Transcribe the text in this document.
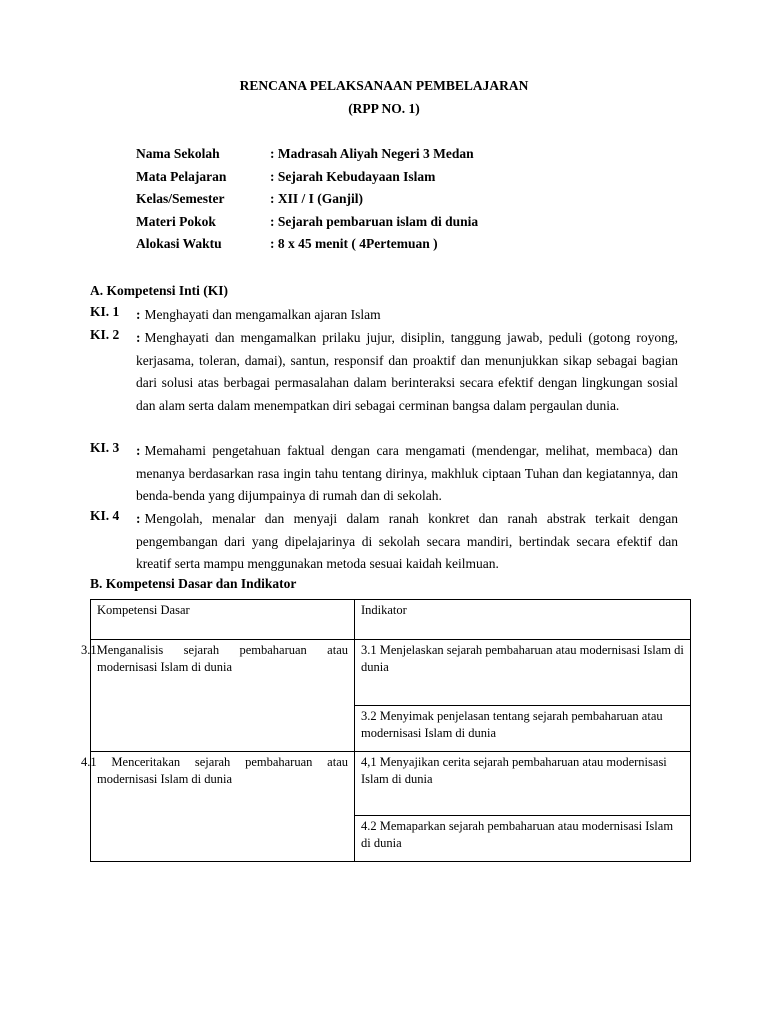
RENCANA PELAKSANAAN PEMBELAJARAN
(RPP NO. 1)
Nama Sekolah	: Madrasah Aliyah Negeri 3 Medan
Mata Pelajaran	: Sejarah Kebudayaan Islam
Kelas/Semester	: XII / I (Ganjil)
Materi Pokok	: Sejarah pembaruan islam di dunia
Alokasi Waktu	: 8 x 45 menit ( 4Pertemuan )
A. Kompetensi Inti (KI)
KI. 1 : Menghayati dan mengamalkan ajaran Islam
KI. 2 : Menghayati dan mengamalkan prilaku jujur, disiplin, tanggung jawab, peduli (gotong royong, kerjasama, toleran, damai), santun, responsif dan proaktif dan menunjukkan sikap sebagai bagian dari solusi atas berbagai permasalahan dalam berinteraksi secara efektif dengan lingkungan sosial dan alam serta dalam menempatkan diri sebagai cerminan bangsa dalam pergaulan dunia.
KI. 3 : Memahami pengetahuan faktual dengan cara mengamati (mendengar, melihat, membaca) dan menanya berdasarkan rasa ingin tahu tentang dirinya, makhluk ciptaan Tuhan dan kegiatannya, dan benda-benda yang dijumpainya di rumah dan di sekolah.
KI. 4 : Mengolah, menalar dan menyaji dalam ranah konkret dan ranah abstrak terkait dengan pengembangan dari yang dipelajarinya di sekolah secara mandiri, bertindak secara efektif dan kreatif serta mampu menggunakan metoda sesuai kaidah keilmuan.
B. Kompetensi Dasar dan Indikator
Kompetensi Dasar	Indikator
3.1Menganalisis sejarah pembaharuan atau modernisasi Islam di dunia	3.1 Menjelaskan sejarah pembaharuan atau modernisasi Islam di dunia
	3.2 Menyimak penjelasan tentang sejarah pembaharuan atau modernisasi Islam di dunia
4.1 Menceritakan sejarah pembaharuan atau modernisasi Islam di dunia	4,1 Menyajikan cerita sejarah pembaharuan atau modernisasi Islam di dunia
	4.2 Memaparkan sejarah pembaharuan atau modernisasi Islam di dunia
